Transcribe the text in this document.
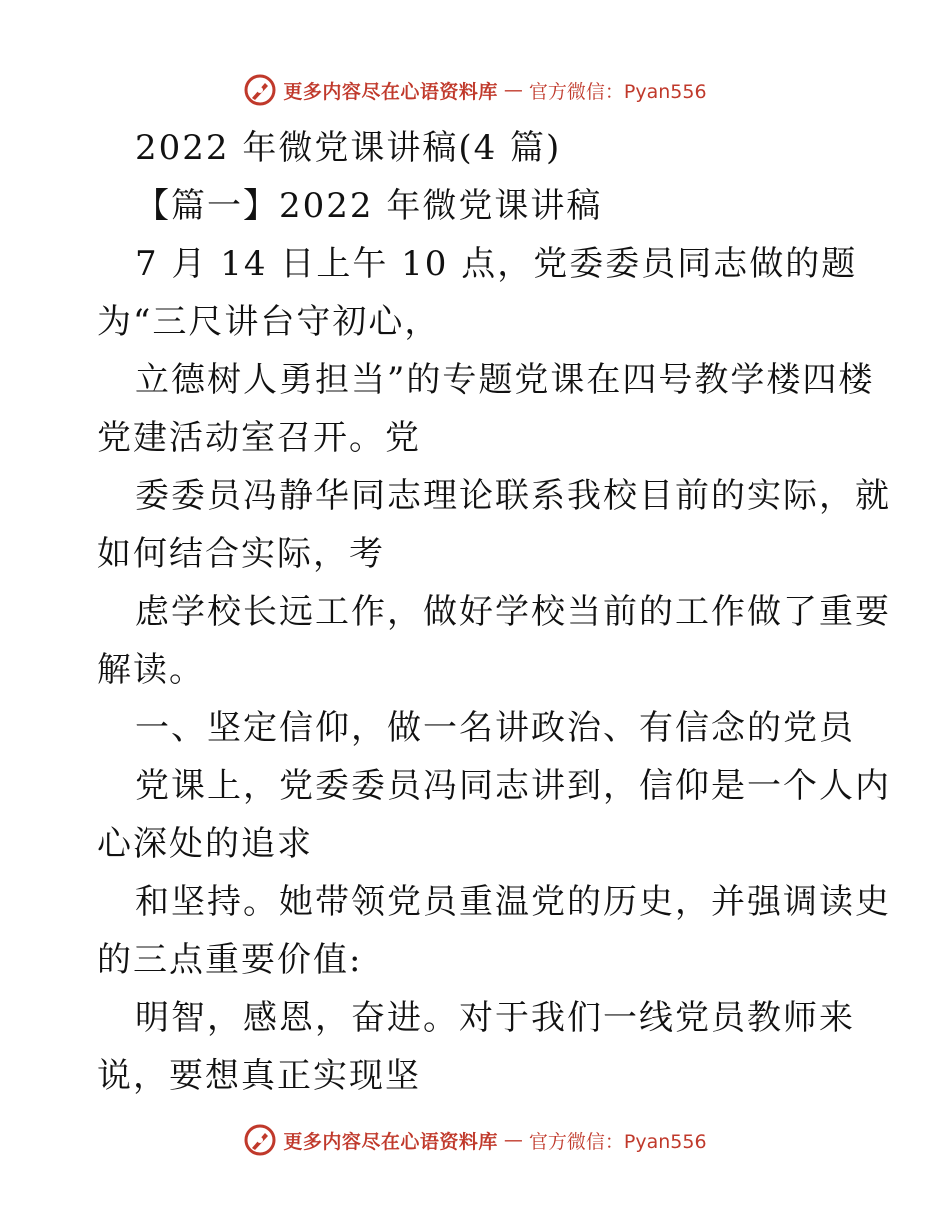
更多内容尽在心语资料库 — 官方微信：Pyan556
2022 年微党课讲稿(4 篇)
【篇一】2022 年微党课讲稿
7 月 14 日上午 10 点，党委委员同志做的题
为“三尺讲台守初心，
立德树人勇担当”的专题党课在四号教学楼四楼
党建活动室召开。党
委委员冯静华同志理论联系我校目前的实际，就
如何结合实际，考
虑学校长远工作，做好学校当前的工作做了重要
解读。
一、坚定信仰，做一名讲政治、有信念的党员
党课上，党委委员冯同志讲到，信仰是一个人内
心深处的追求
和坚持。她带领党员重温党的历史，并强调读史
的三点重要价值:
明智，感恩，奋进。对于我们一线党员教师来
说，要想真正实现坚
更多内容尽在心语资料库 — 官方微信：Pyan556
